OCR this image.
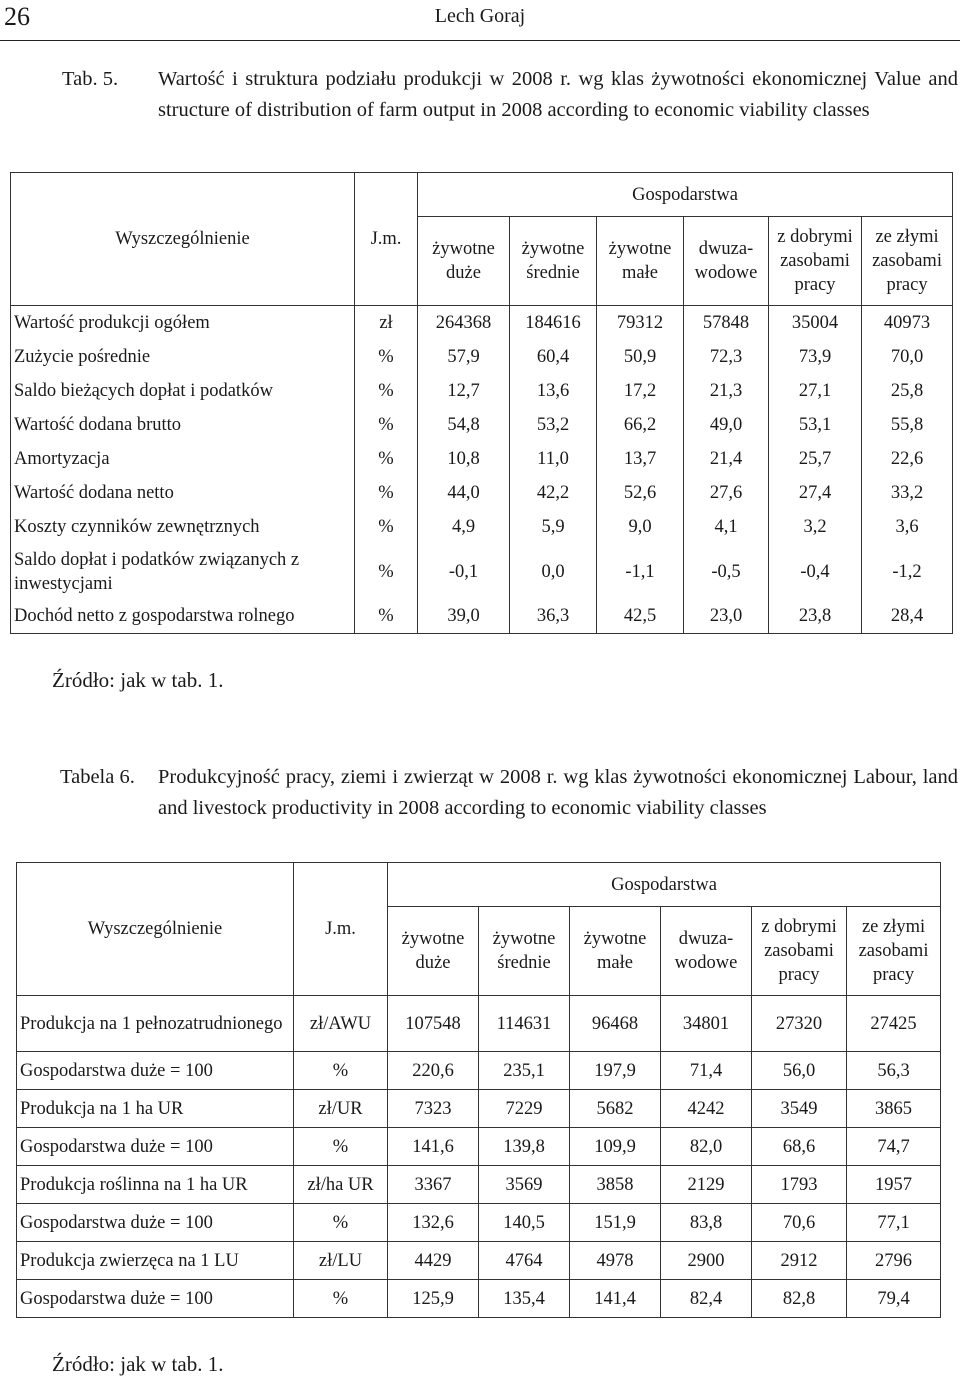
26	Lech Goraj
Tab. 5. Wartość i struktura podziału produkcji w 2008 r. wg klas żywotności ekonomicznej Value and structure of distribution of farm output in 2008 according to economic viability classes
Wyszczególnienie	J.m.	Gospodarstwa					
		żywotne duże	żywotne średnie	żywotne małe	dwuza-wodowe	z dobrymi zasobami pracy	ze złymi zasobami pracy
Wartość produkcji ogółem	zł	264368	184616	79312	57848	35004	40973
Zużycie pośrednie	%	57,9	60,4	50,9	72,3	73,9	70,0
Saldo bieżących dopłat i podatków	%	12,7	13,6	17,2	21,3	27,1	25,8
Wartość dodana brutto	%	54,8	53,2	66,2	49,0	53,1	55,8
Amortyzacja	%	10,8	11,0	13,7	21,4	25,7	22,6
Wartość dodana netto	%	44,0	42,2	52,6	27,6	27,4	33,2
Koszty czynników zewnętrznych	%	4,9	5,9	9,0	4,1	3,2	3,6
Saldo dopłat i podatków związanych z inwestycjami	%	-0,1	0,0	-1,1	-0,5	-0,4	-1,2
Dochód netto z gospodarstwa rolnego	%	39,0	36,3	42,5	23,0	23,8	28,4
Źródło: jak w tab. 1.
Tabela 6. Produkcyjność pracy, ziemi i zwierząt w 2008 r. wg klas żywotności ekonomicznej Labour, land and livestock productivity in 2008 according to economic viability classes
Wyszczególnienie	J.m.	Gospodarstwa					
		żywotne duże	żywotne średnie	żywotne małe	dwuza-wodowe	z dobrymi zasobami pracy	ze złymi zasobami pracy
Produkcja na 1 pełnozatrudnionego	zł/AWU	107548	114631	96468	34801	27320	27425
Gospodarstwa duże = 100	%	220,6	235,1	197,9	71,4	56,0	56,3
Produkcja na 1 ha UR	zł/UR	7323	7229	5682	4242	3549	3865
Gospodarstwa duże = 100	%	141,6	139,8	109,9	82,0	68,6	74,7
Produkcja roślinna na 1 ha UR	zł/ha UR	3367	3569	3858	2129	1793	1957
Gospodarstwa duże = 100	%	132,6	140,5	151,9	83,8	70,6	77,1
Produkcja zwierzęca na 1 LU	zł/LU	4429	4764	4978	2900	2912	2796
Gospodarstwa duże = 100	%	125,9	135,4	141,4	82,4	82,8	79,4
Źródło: jak w tab. 1.
